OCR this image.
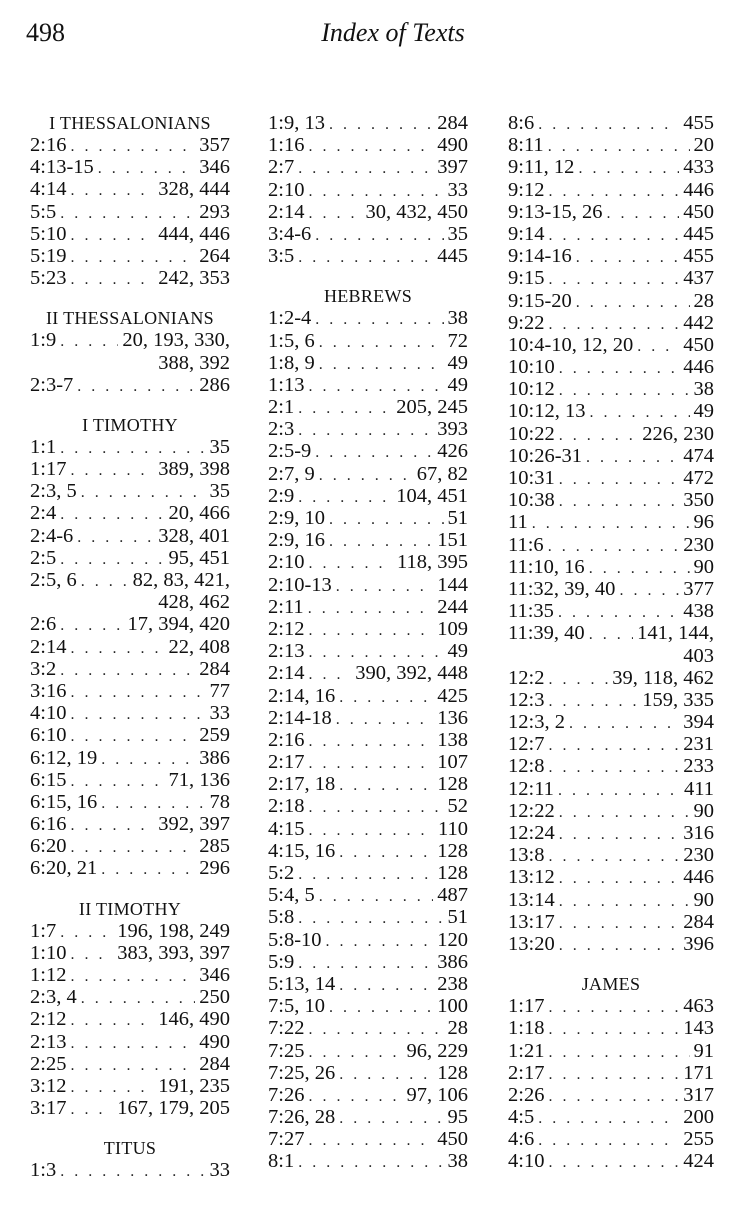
498	Index of Texts
I THESSALONIANS
2:16 . . .	357
4:13-15 . . .	346
4:14 . . .	328, 444
5:5 . . .	293
5:10 . . .	444, 446
5:19 . . .	264
5:23 . . .	242, 353
II THESSALONIANS
1:9 . . .	20, 193, 330,
388, 392
2:3-7 . . .	286
I TIMOTHY
1:1 . . .	35
1:17 . . .	389, 398
2:3, 5 . . .	35
2:4 . . .	20, 466
2:4-6 . . .	328, 401
2:5 . . .	95, 451
2:5, 6 . . .	82, 83, 421,
428, 462
2:6 . . .	17, 394, 420
2:14 . . .	22, 408
3:2 . . .	284
3:16 . . .	77
4:10 . . .	33
6:10 . . .	259
6:12, 19 . . .	386
6:15 . . .	71, 136
6:15, 16 . . .	78
6:16 . . .	392, 397
6:20 . . .	285
6:20, 21 . . .	296
II TIMOTHY
1:7 . . .	196, 198, 249
1:10 . . . 383, 393, 397
1:12 . . .	346
2:3, 4 . . .	250
2:12 . . .	146, 490
2:13 . . .	490
2:25 . . .	284
3:12 . . .	191, 235
3:17 . . . 167, 179, 205
TITUS
1:3 . . .	33
1:9, 13 . . .	284
1:16 . . .	490
2:7 . . .	397
2:10 . . .	33
2:14 . . .	30, 432, 450
3:4-6 . . .	35
3:5 . . .	445
HEBREWS
1:2-4 . . .	38
1:5, 6 . . .	72
1:8, 9 . . .	49
1:13 . . .	49
2:1 . . .	205, 245
2:3 . . .	393
2:5-9 . . .	426
2:7, 9 . . .	67, 82
2:9 . . .	104, 451
2:9, 10 . . .	51
2:9, 16 . . .	151
2:10 . . .	118, 395
2:10-13 . . .	144
2:11 . . .	244
2:12 . . .	109
2:13 . . .	49
2:14 . . . 390, 392, 448
2:14, 16 . . .	425
2:14-18 . . .	136
2:16 . . .	138
2:17 . . .	107
2:17, 18 . . .	128
2:18 . . .	52
4:15 . . .	110
4:15, 16 . . .	128
5:2 . . .	128
5:4, 5 . . .	487
5:8 . . .	51
5:8-10 . . .	120
5:9 . . .	386
5:13, 14 . . .	238
7:5, 10 . . .	100
7:22 . . .	28
7:25 . . .	96, 229
7:25, 26 . . .	128
7:26 . . .	97, 106
7:26, 28 . . .	95
7:27 . . .	450
8:1 . . .	38
8:6 . . .	455
8:11 . . .	20
9:11, 12 . . .	433
9:12 . . .	446
9:13-15, 26 . . .	450
9:14 . . .	445
9:14-16 . . .	455
9:15 . . .	437
9:15-20 . . .	28
9:22 . . .	442
10:4-10, 12, 20 . . . 450
10:10 . . .	446
10:12 . . .	38
10:12, 13 . . .	49
10:22 . . .	226, 230
10:26-31 . . .	474
10:31 . . .	472
10:38 . . .	350
11 . . .	96
11:6 . . .	230
11:10, 16 . . .	90
11:32, 39, 40 . . .	377
11:35 . . .	438
11:39, 40 . . .	141, 144,
403
12:2 . . .	39, 118, 462
12:3 . . .	159, 335
12:3, 2 . . .	394
12:7 . . .	231
12:8 . . .	233
12:11 . . .	411
12:22 . . .	90
12:24 . . .	316
13:8 . . .	230
13:12 . . .	446
13:14 . . .	90
13:17 . . .	284
13:20 . . .	396
JAMES
1:17 . . .	463
1:18 . . .	143
1:21 . . .	91
2:17 . . .	171
2:26 . . .	317
4:5 . . .	200
4:6 . . .	255
4:10 . . .	424
